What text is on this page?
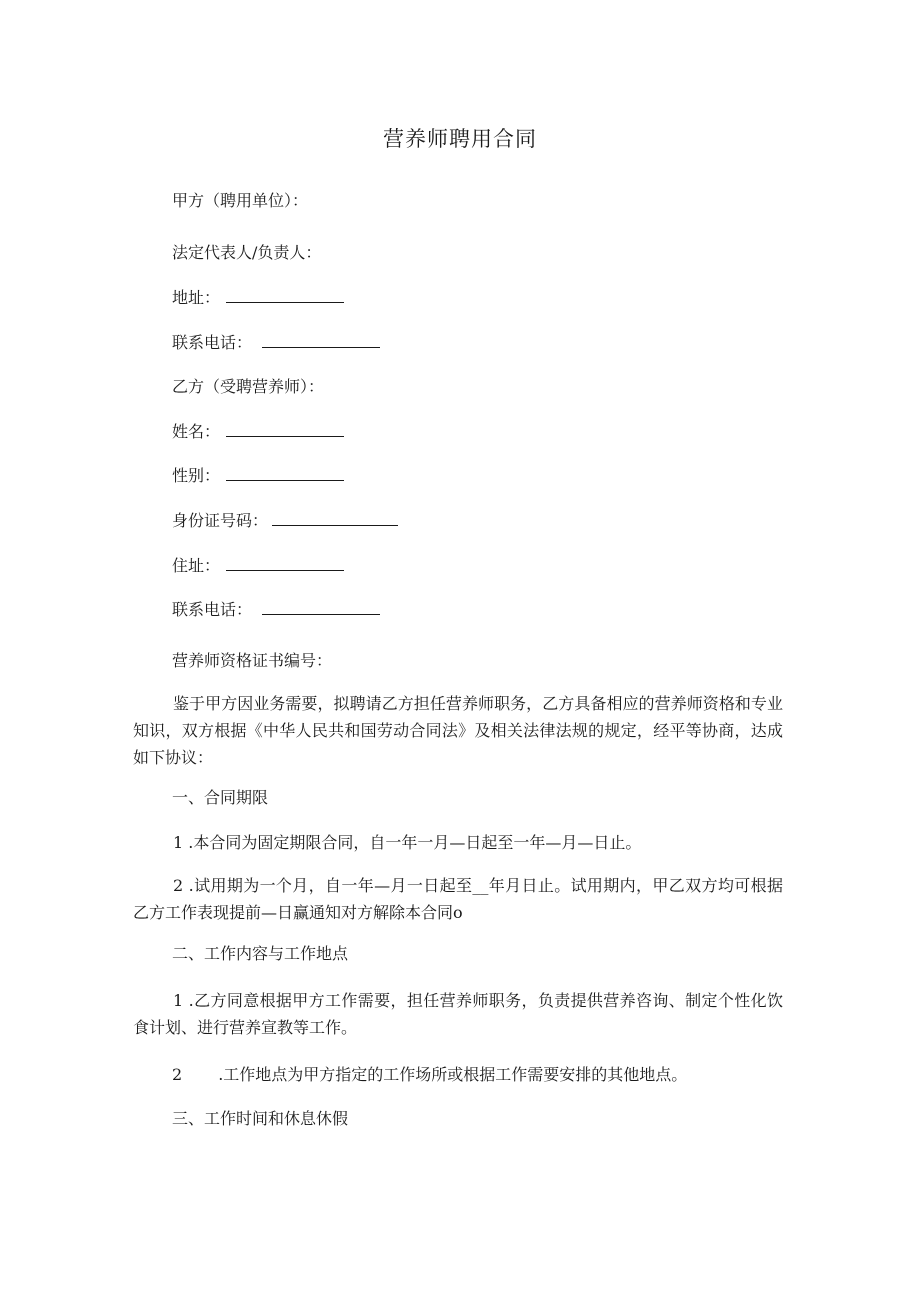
营养师聘用合同
甲方（聘用单位）：
法定代表人/负责人：
地址：
联系电话：
乙方（受聘营养师）：
姓名：
性别：
身份证号码：
住址：
联系电话：
营养师资格证书编号：
鉴于甲方因业务需要，拟聘请乙方担任营养师职务，乙方具备相应的营养师资格和专业知识，双方根据《中华人民共和国劳动合同法》及相关法律法规的规定，经平等协商，达成如下协议：
一、合同期限
1 .本合同为固定期限合同，自一年一月—日起至一年—月—日止。
2 .试用期为一个月，自一年—月一日起至__年月日止。试用期内，甲乙双方均可根据乙方工作表现提前—日赢通知对方解除本合同o
二、工作内容与工作地点
1 .乙方同意根据甲方工作需要，担任营养师职务，负责提供营养咨询、制定个性化饮食计划、进行营养宣教等工作。
2 .工作地点为甲方指定的工作场所或根据工作需要安排的其他地点。
三、工作时间和休息休假
